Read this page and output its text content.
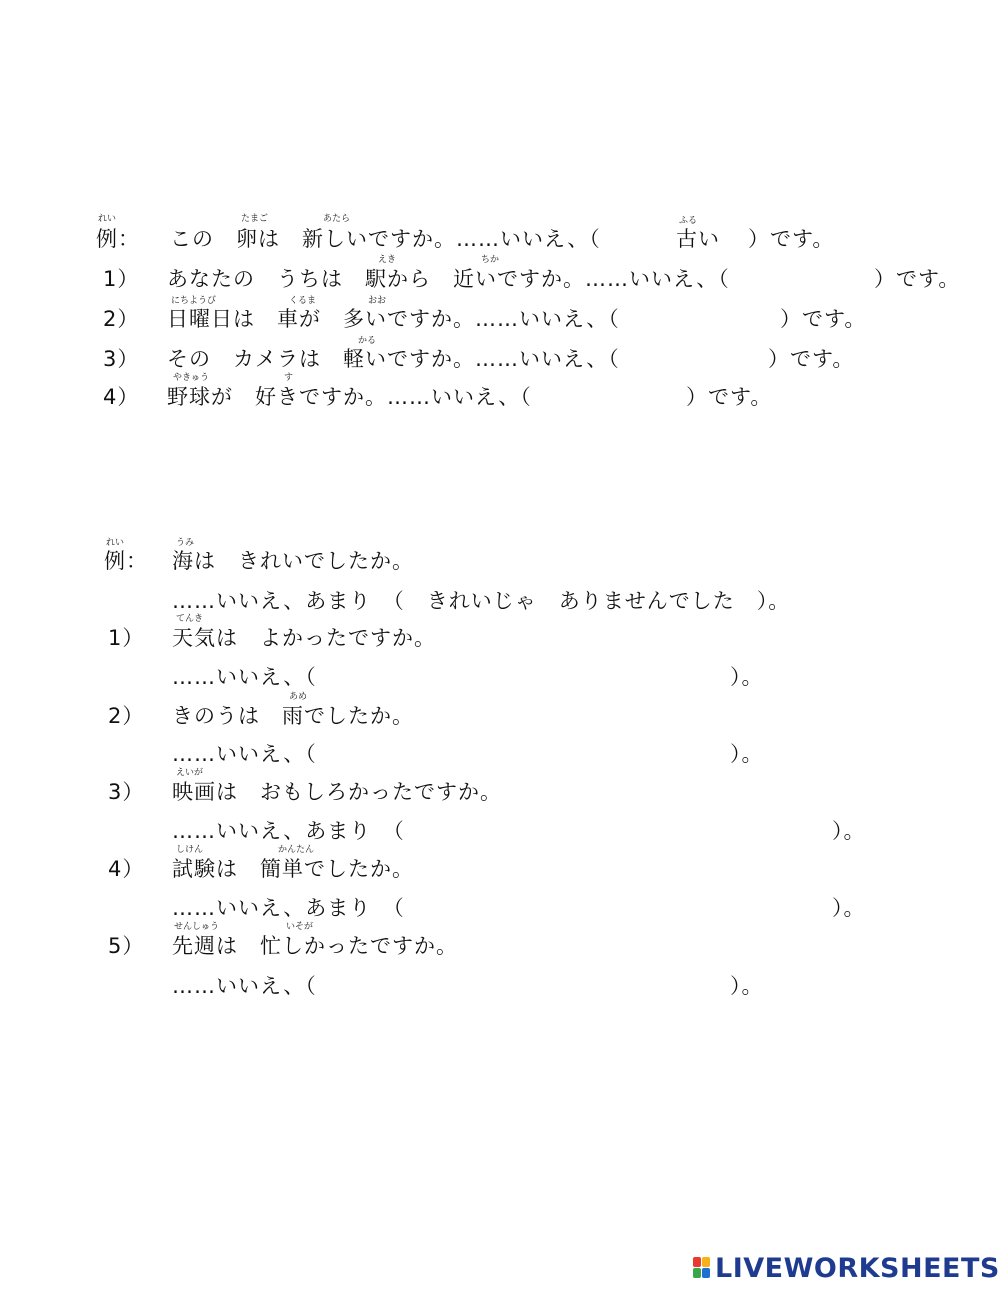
れい	たまご	あたら	ふる
例： この　卵は　新しいですか。……いいえ、（	古い ）です。
えき	ちか
1） あなたの　うちは　駅から　近いですか。……いいえ、（	）です。
にちようび	くるま	おお
2） 日曜日は　車が　多いですか。……いいえ、（	）です。
かる
3） その　カメラは　軽いですか。……いいえ、（	）です。
やきゅう	す
4） 野球が　好きですか。……いいえ、（	）です。
れい	うみ
例： 海は　きれいでしたか。
……いいえ、あまり　（　きれいじゃ　ありませんでした　）。
てんき
1） 天気は　よかったですか。
……いいえ、（	）。
あめ
2） きのうは　雨でしたか。
……いいえ、（	）。
えいが
3） 映画は　おもしろかったですか。
……いいえ、あまり　（	）。
しけん	かんたん
4） 試験は　簡単でしたか。
……いいえ、あまり　（	）。
せんしゅう	いそが
5） 先週は　忙しかったですか。
……いいえ、（	）。
LIVEWORKSHEETS
